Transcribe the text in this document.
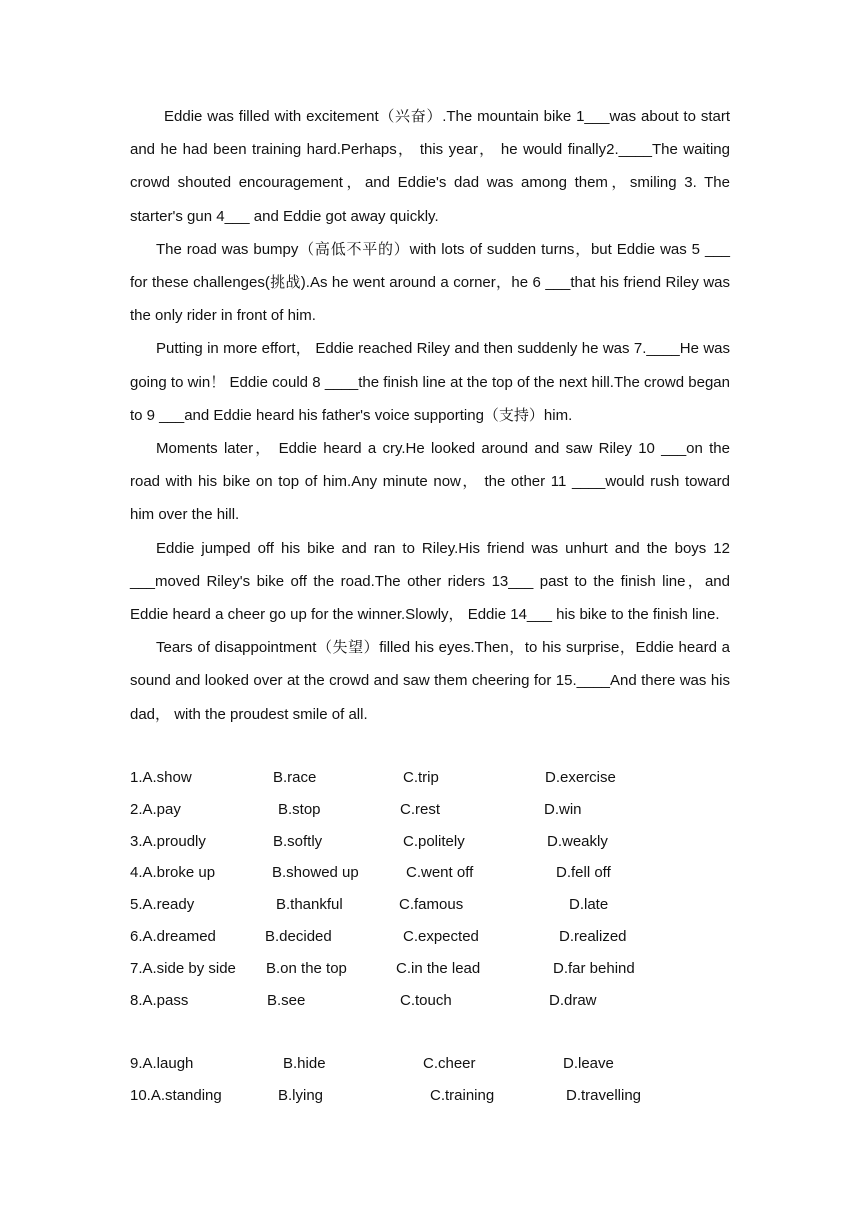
Eddie was filled with excitement（兴奋）.The mountain bike 1___was about to start and he had been training hard.Perhaps， this year， he would finally2.____The waiting crowd shouted encouragement，and Eddie's dad was among them，smiling 3. The starter's gun 4___ and Eddie got away quickly.

The road was bumpy（高低不平的）with lots of sudden turns，but Eddie was 5 ___ for these challenges(挑战).As he went around a corner，he 6 ___that his friend Riley was the only rider in front of him.

Putting in more effort， Eddie reached Riley and then suddenly he was 7.____He was going to win！ Eddie could 8 ____the finish line at the top of the next hill.The crowd began to 9 ___and Eddie heard his father's voice supporting（支持）him.

Moments later， Eddie heard a cry.He looked around and saw Riley 10 ___on the road with his bike on top of him.Any minute now， the other 11 ____would rush toward him over the hill.

Eddie jumped off his bike and ran to Riley.His friend was unhurt and the boys 12 ___moved Riley's bike off the road.The other riders 13___ past to the finish line，and Eddie heard a cheer go up for the winner.Slowly， Eddie 14___ his bike to the finish line.

Tears of disappointment（失望）filled his eyes.Then，to his surprise，Eddie heard a sound and looked over at the crowd and saw them cheering for 15.____And there was his dad， with the proudest smile of all.

1.A.show	B.race	C.trip	D.exercise
2.A.pay	B.stop	C.rest	D.win
3.A.proudly	B.softly	C.politely	D.weakly
4.A.broke up	B.showed up	C.went off	D.fell off
5.A.ready	B.thankful	C.famous	D.late
6.A.dreamed	B.decided	C.expected	D.realized
7.A.side by side B.on the top	C.in the lead	D.far behind
8.A.pass	B.see	C.touch	D.draw
9.A.laugh	B.hide	C.cheer	D.leave
10.A.standing	B.lying	C.training	D.travelling
